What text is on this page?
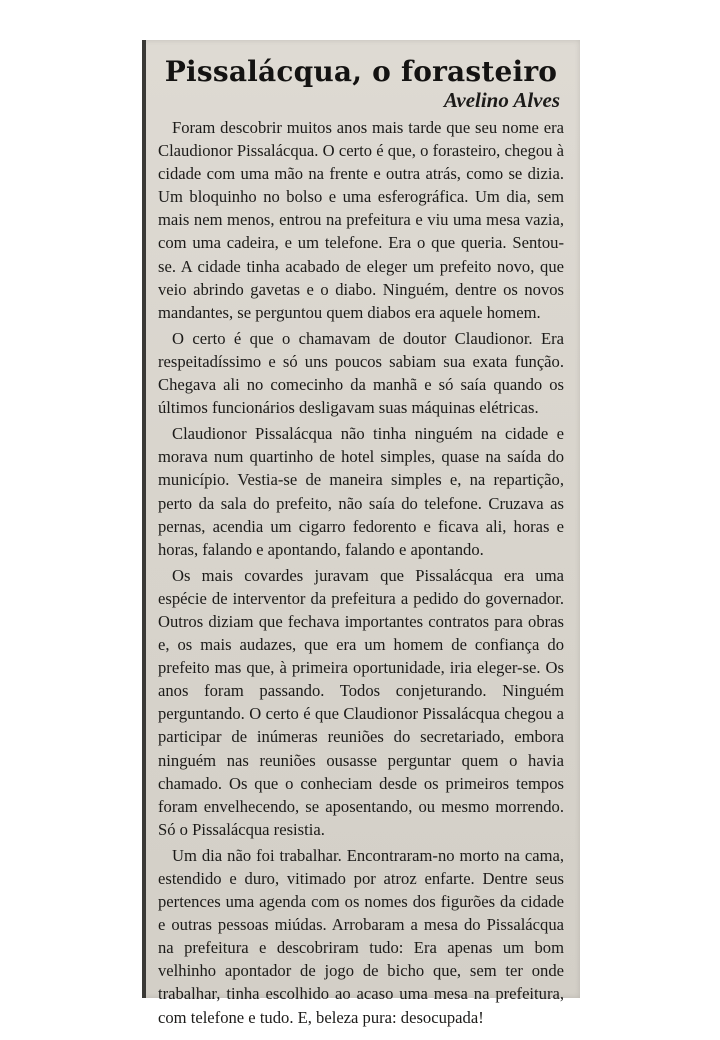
Pissalácqua, o forasteiro
Avelino Alves

Foram descobrir muitos anos mais tarde que seu nome era Claudionor Pissalácqua. O certo é que, o forasteiro, chegou à cidade com uma mão na frente e outra atrás, como se dizia. Um bloquinho no bolso e uma esferográfica. Um dia, sem mais nem menos, entrou na prefeitura e viu uma mesa vazia, com uma cadeira, e um telefone. Era o que queria. Sentou-se. A cidade tinha acabado de eleger um prefeito novo, que veio abrindo gavetas e o diabo. Ninguém, dentre os novos mandantes, se perguntou quem diabos era aquele homem.

O certo é que o chamavam de doutor Claudionor. Era respeitadíssimo e só uns poucos sabiam sua exata função. Chegava ali no comecinho da manhã e só saía quando os últimos funcionários desligavam suas máquinas elétricas.

Claudionor Pissalácqua não tinha ninguém na cidade e morava num quartinho de hotel simples, quase na saída do município. Vestia-se de maneira simples e, na repartição, perto da sala do prefeito, não saía do telefone. Cruzava as pernas, acendia um cigarro fedorento e ficava ali, horas e horas, falando e apontando, falando e apontando.

Os mais covardes juravam que Pissalácqua era uma espécie de interventor da prefeitura a pedido do governador. Outros diziam que fechava importantes contratos para obras e, os mais audazes, que era um homem de confiança do prefeito mas que, à primeira oportunidade, iria eleger-se. Os anos foram passando. Todos conjeturando. Ninguém perguntando. O certo é que Claudionor Pissalácqua chegou a participar de inúmeras reuniões do secretariado, embora ninguém nas reuniões ousasse perguntar quem o havia chamado. Os que o conheciam desde os primeiros tempos foram envelhecendo, se aposentando, ou mesmo morrendo. Só o Pissalácqua resistia.

Um dia não foi trabalhar. Encontraram-no morto na cama, estendido e duro, vitimado por atroz enfarte. Dentre seus pertences uma agenda com os nomes dos figurões da cidade e outras pessoas miúdas. Arrobaram a mesa do Pissalácqua na prefeitura e descobriram tudo: Era apenas um bom velhinho apontador de jogo de bicho que, sem ter onde trabalhar, tinha escolhido ao acaso uma mesa na prefeitura, com telefone e tudo. E, beleza pura: desocupada!
